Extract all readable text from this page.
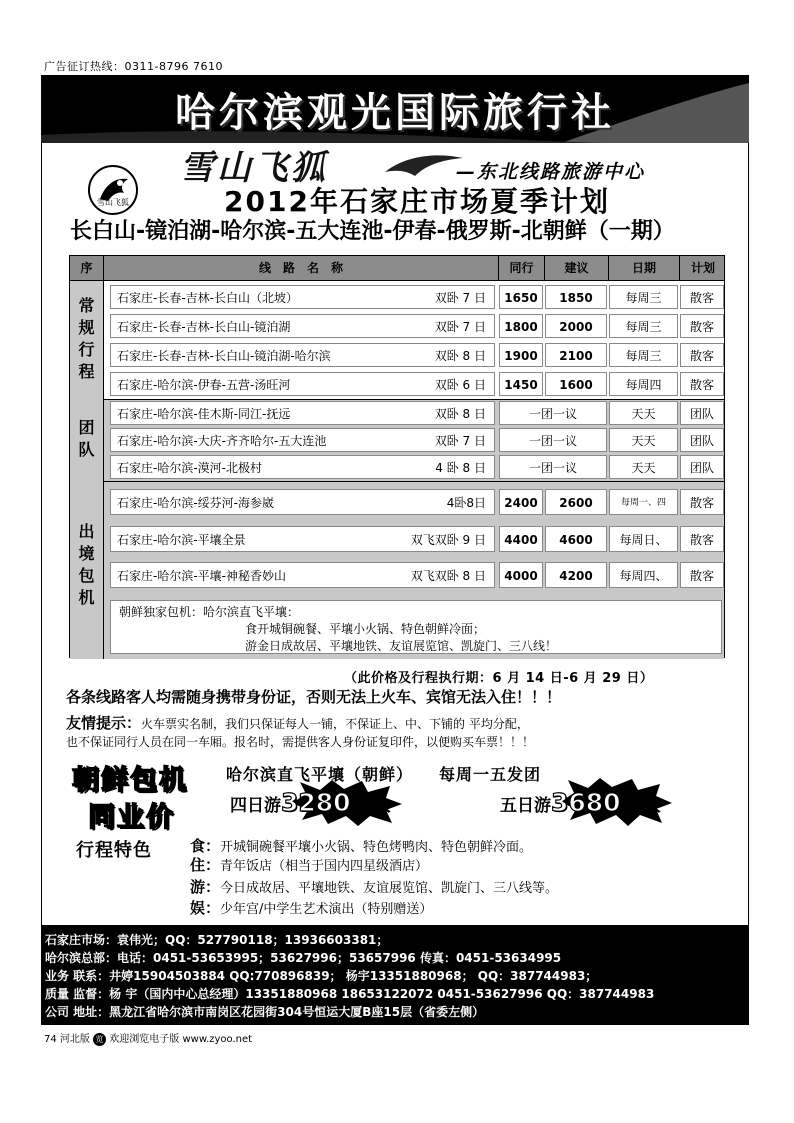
广告征订热线：0311-8796 7610
哈尔滨观光国际旅行社
雪山飞狐
雪山飞狐	—东北线路旅游中心
2012年石家庄市场夏季计划
长白山-镜泊湖-哈尔滨-五大连池-伊春-俄罗斯-北朝鲜（一期）
序	线　路　名　称	同行	建议	日期	计划
常规行程
团队
出境包机
石家庄-长春-吉林-长白山（北坡）	双卧 7 日	1650	1850	每周三	散客
石家庄-长春-吉林-长白山-镜泊湖	双卧 7 日	1800	2000	每周三	散客
石家庄-长春-吉林-长白山-镜泊湖-哈尔滨	双卧 8 日	1900	2100	每周三	散客
石家庄-哈尔滨-伊春-五营-汤旺河	双卧 6 日	1450	1600	每周四	散客
石家庄-哈尔滨-佳木斯-同江-抚远	双卧 8 日	一团一议	天天	团队
石家庄-哈尔滨-大庆-齐齐哈尔-五大连池	双卧 7 日	一团一议	天天	团队
石家庄-哈尔滨-漠河-北极村	4 卧 8 日	一团一议	天天	团队
石家庄-哈尔滨-绥芬河-海参崴	4卧8日	2400	2600	每周一、四	散客
石家庄-哈尔滨-平壤全景	双飞双卧 9 日	4400	4600	每周日、	散客
石家庄-哈尔滨-平壤-神秘香妙山	双飞双卧 8 日	4000	4200	每周四、	散客
朝鲜独家包机：哈尔滨直飞平壤：
食开城铜碗餐、平壤小火锅、特色朝鲜冷面；
游金日成故居、平壤地铁、友谊展览馆、凯旋门、三八线！
（此价格及行程执行期：6 月 14 日-6 月 29 日）
各条线路客人均需随身携带身份证，否则无法上火车、宾馆无法入住！！！
友情提示：火车票实名制，我们只保证每人一铺，不保证上、中、下铺的 平均分配，
也不保证同行人员在同一车厢。报名时，需提供客人身份证复印件，以便购买车票！！！
朝鲜包机
同业价
哈尔滨直飞平壤（朝鲜） 每周一五发团
四日游3280元/人	五日游3680元/人
行程特色	食：开城铜碗餐平壤小火锅、特色烤鸭肉、特色朝鲜冷面。
住：青年饭店（相当于国内四星级酒店）
游：今日成故居、平壤地铁、友谊展览馆、凯旋门、三八线等。
娱：少年宫/中学生艺术演出（特别赠送）
石家庄市场：袁伟光；QQ：527790118；13936603381；
哈尔滨总部：电话：0451-53653995；53627996；53657996 传真：0451-53634995
业务 联系：井婷15904503884 QQ:770896839； 杨宇13351880968； QQ：387744983；
质量 监督：杨 宇（国内中心总经理）13351880968 18653122072 0451-53627996 QQ：387744983
公司 地址：黑龙江省哈尔滨市南岗区花园街304号恒运大厦B座15层（省委左侧）
74 河北版 览 欢迎浏览电子版 www.zyoo.net
